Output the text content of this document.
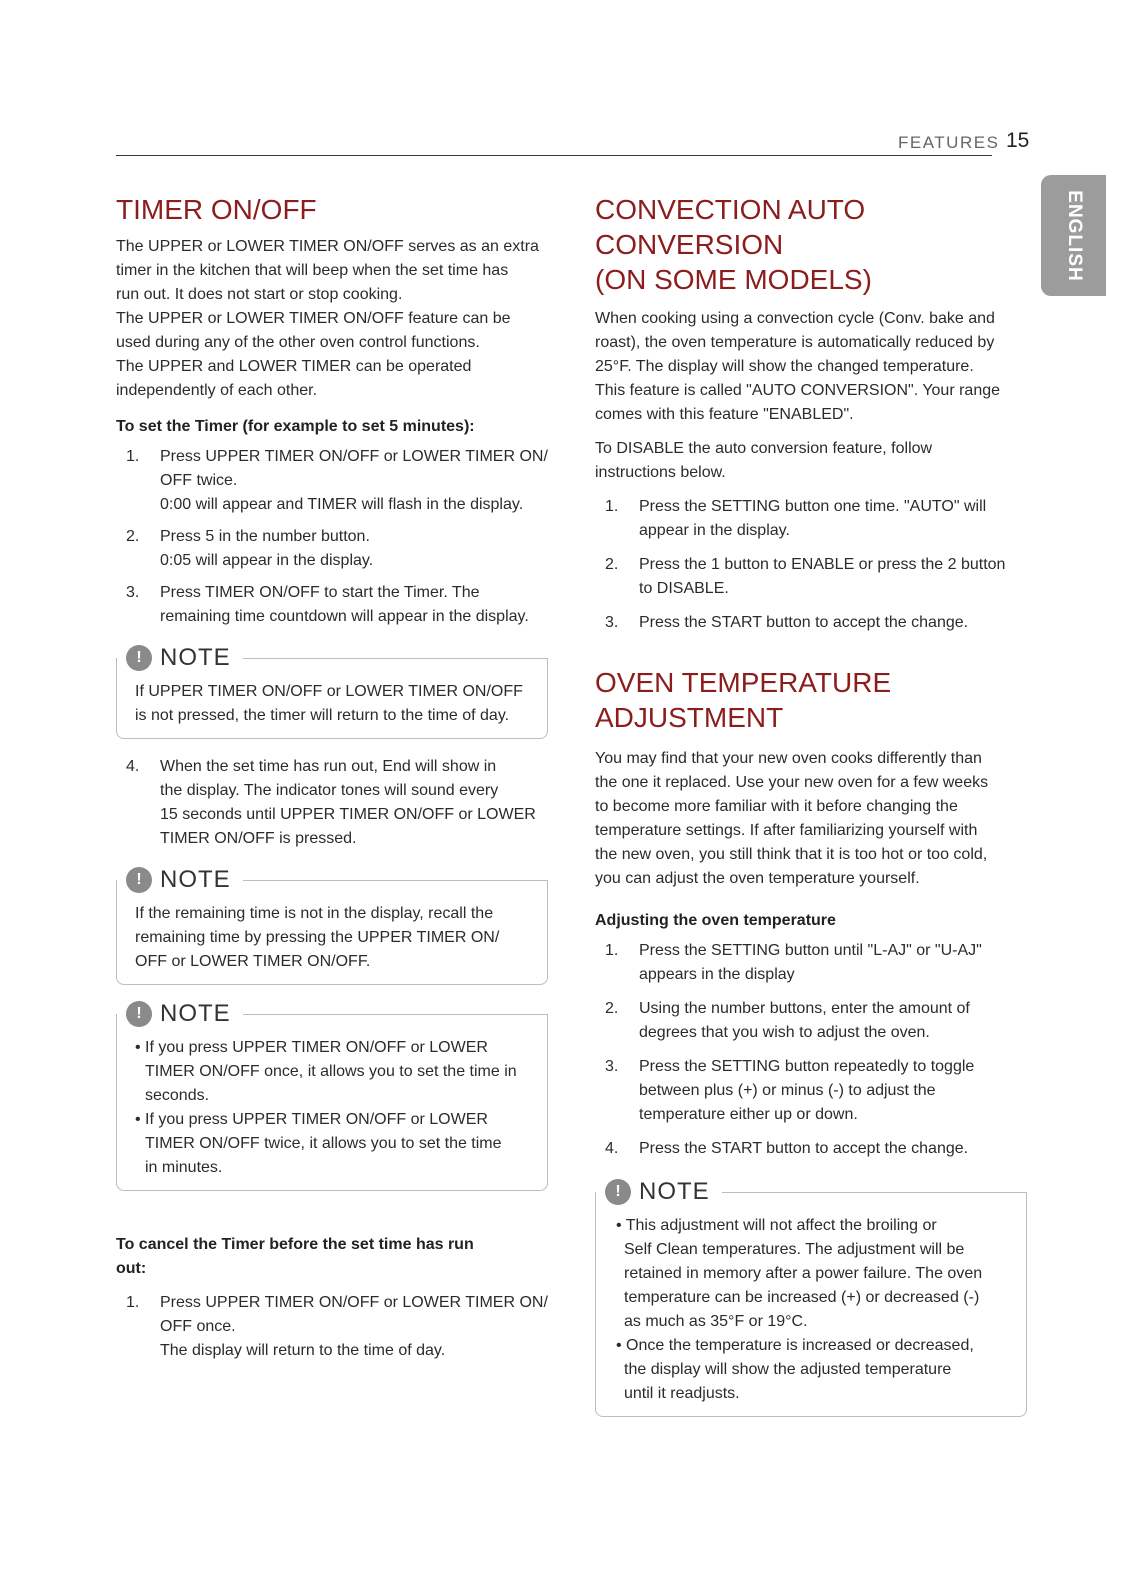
FEATURES 15
ENGLISH
TIMER ON/OFF

The UPPER or LOWER TIMER ON/OFF serves as an extra
timer in the kitchen that will beep when the set time has
run out. It does not start or stop cooking.
The UPPER or LOWER TIMER ON/OFF feature can be
used during any of the other oven control functions.
The UPPER and LOWER TIMER can be operated
independently of each other.

To set the Timer (for example to set 5 minutes):
1.	Press UPPER TIMER ON/OFF or LOWER TIMER ON/
OFF twice.
0:00 will appear and TIMER will flash in the display.
2.	Press 5 in the number button.
0:05 will appear in the display.
3.	Press TIMER ON/OFF to start the Timer. The
remaining time countdown will appear in the display.
! NOTE
If UPPER TIMER ON/OFF or LOWER TIMER ON/OFF
is not pressed, the timer will return to the time of day.
4.	When the set time has run out, End will show in
the display. The indicator tones will sound every
15 seconds until UPPER TIMER ON/OFF or LOWER
TIMER ON/OFF is pressed.
! NOTE
If the remaining time is not in the display, recall the
remaining time by pressing the UPPER TIMER ON/
OFF or LOWER TIMER ON/OFF.
! NOTE
• If you press UPPER TIMER ON/OFF or LOWER
TIMER ON/OFF once, it allows you to set the time in
seconds.
• If you press UPPER TIMER ON/OFF or LOWER
TIMER ON/OFF twice, it allows you to set the time
in minutes.
To cancel the Timer before the set time has run
out:
1.	Press UPPER TIMER ON/OFF or LOWER TIMER ON/
OFF once.
The display will return to the time of day.
CONVECTION AUTO CONVERSION
(ON SOME MODELS)

When cooking using a convection cycle (Conv. bake and
roast), the oven temperature is automatically reduced by
25°F. The display will show the changed temperature.
This feature is called "AUTO CONVERSION". Your range
comes with this feature "ENABLED".

To DISABLE the auto conversion feature, follow
instructions below.

1.	Press the SETTING button one time. "AUTO" will
appear in the display.
2.	Press the 1 button to ENABLE or press the 2 button
to DISABLE.
3.	Press the START button to accept the change.
OVEN TEMPERATURE
ADJUSTMENT

You may find that your new oven cooks differently than
the one it replaced. Use your new oven for a few weeks
to become more familiar with it before changing the
temperature settings. If after familiarizing yourself with
the new oven, you still think that it is too hot or too cold,
you can adjust the oven temperature yourself.

Adjusting the oven temperature
1.	Press the SETTING button until "L-AJ" or "U-AJ"
appears in the display
2.	Using the number buttons, enter the amount of
degrees that you wish to adjust the oven.
3.	Press the SETTING button repeatedly to toggle
between plus (+) or minus (-) to adjust the
temperature either up or down.
4.	Press the START button to accept the change.
! NOTE
• This adjustment will not affect the broiling or
Self Clean temperatures. The adjustment will be
retained in memory after a power failure. The oven
temperature can be increased (+) or decreased (-)
as much as 35°F or 19°C.
• Once the temperature is increased or decreased,
the display will show the adjusted temperature
until it readjusts.
